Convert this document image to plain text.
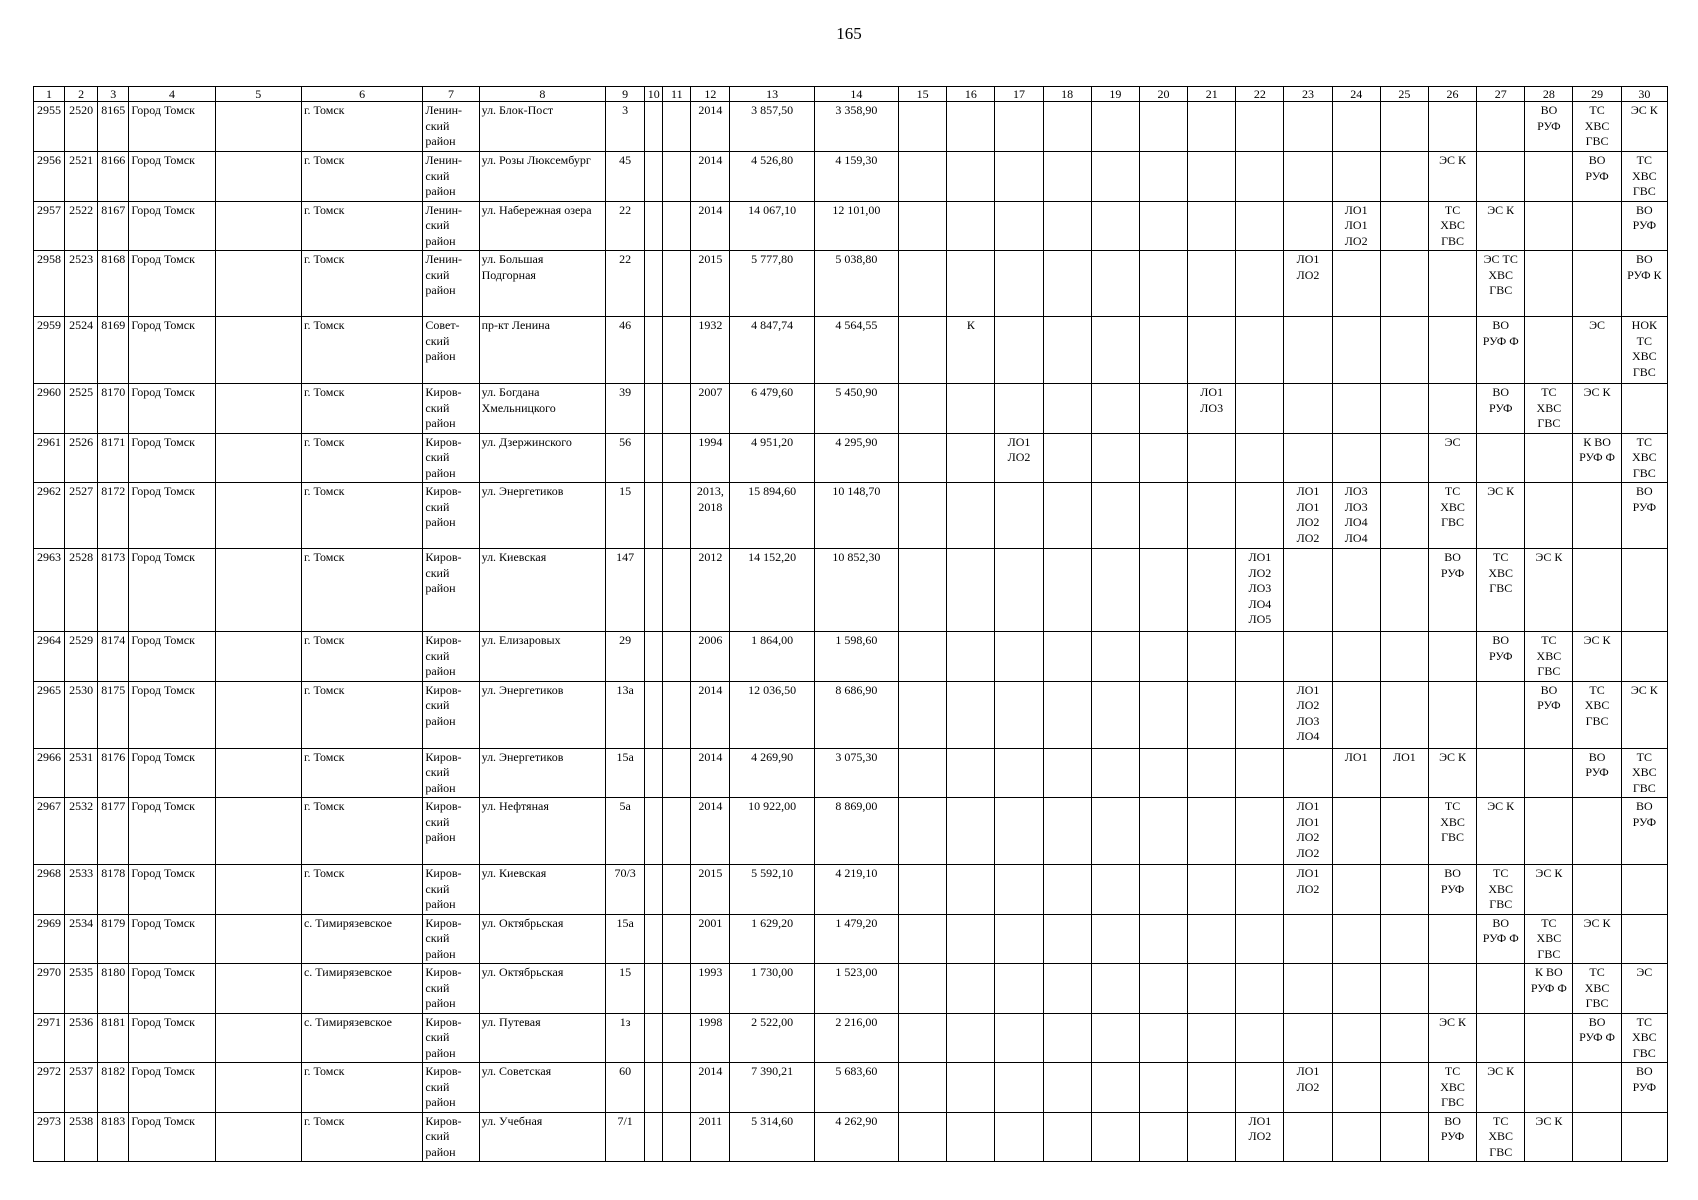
165
1	2	3	4	5	6	7	8	9	10	11	12	13	14	15	16	17	18	19	20	21	22	23	24	25	26	27	28	29	30

2955	2520	8165	Город Томск		г. Томск	Ленин-
ский
район	ул. Блок-Пост	3			2014	3 857,50	3 358,90														ВО
РУФ	ТС
ХВС
ГВС	ЭС К

2956	2521	8166	Город Томск		г. Томск	Ленин-
ский
район	ул. Розы Люксембург	45			2014	4 526,80	4 159,30												ЭС К			ВО
РУФ	ТС
ХВС
ГВС

2957	2522	8167	Город Томск		г. Томск	Ленин-
ский
район	ул. Набережная озера	22			2014	14 067,10	12 101,00										ЛО1
ЛО1
ЛО2		ТС
ХВС
ГВС	ЭС К			ВО
РУФ

2958	2523	8168	Город Томск		г. Томск	Ленин-
ский
район	ул. Большая
Подгорная	22			2015	5 777,80	5 038,80									ЛО1
ЛО2				ЭС ТС
ХВС
ГВС			ВО
РУФ К

2959	2524	8169	Город Томск		г. Томск	Совет-
ский
район	пр-кт Ленина	46			1932	4 847,74	4 564,55		К											ВО
РУФ Ф		ЭС	НОК
ТС
ХВС
ГВС

2960	2525	8170	Город Томск		г. Томск	Киров-
ский
район	ул. Богдана
Хмельницкого	39			2007	6 479,60	5 450,90							ЛО1
ЛО3						ВО
РУФ	ТС
ХВС
ГВС	ЭС К	

2961	2526	8171	Город Томск		г. Томск	Киров-
ский
район	ул. Дзержинского	56			1994	4 951,20	4 295,90			ЛО1
ЛО2									ЭС			К ВО
РУФ Ф	ТС
ХВС
ГВС

2962	2527	8172	Город Томск		г. Томск	Киров-
ский
район	ул. Энергетиков	15			2013,
2018	15 894,60	10 148,70									ЛО1
ЛО1
ЛО2
ЛО2	ЛО3
ЛО3
ЛО4
ЛО4		ТС
ХВС
ГВС	ЭС К			ВО
РУФ

2963	2528	8173	Город Томск		г. Томск	Киров-
ский
район	ул. Киевская	147			2012	14 152,20	10 852,30								ЛО1
ЛО2
ЛО3
ЛО4
ЛО5				ВО
РУФ	ТС
ХВС
ГВС	ЭС К		

2964	2529	8174	Город Томск		г. Томск	Киров-
ский
район	ул. Елизаровых	29			2006	1 864,00	1 598,60													ВО
РУФ	ТС
ХВС
ГВС	ЭС К	

2965	2530	8175	Город Томск		г. Томск	Киров-
ский
район	ул. Энергетиков	13а			2014	12 036,50	8 686,90									ЛО1
ЛО2
ЛО3
ЛО4					ВО
РУФ	ТС
ХВС
ГВС	ЭС К

2966	2531	8176	Город Томск		г. Томск	Киров-
ский
район	ул. Энергетиков	15а			2014	4 269,90	3 075,30										ЛО1	ЛО1	ЭС К			ВО
РУФ	ТС
ХВС
ГВС

2967	2532	8177	Город Томск		г. Томск	Киров-
ский
район	ул. Нефтяная	5а			2014	10 922,00	8 869,00									ЛО1
ЛО1
ЛО2
ЛО2			ТС
ХВС
ГВС	ЭС К			ВО
РУФ

2968	2533	8178	Город Томск		г. Томск	Киров-
ский
район	ул. Киевская	70/3			2015	5 592,10	4 219,10									ЛО1
ЛО2			ВО
РУФ	ТС
ХВС
ГВС	ЭС К		

2969	2534	8179	Город Томск		с. Тимирязевское	Киров-
ский
район	ул. Октябрьская	15а			2001	1 629,20	1 479,20													ВО
РУФ Ф	ТС
ХВС
ГВС	ЭС К	

2970	2535	8180	Город Томск		с. Тимирязевское	Киров-
ский
район	ул. Октябрьская	15			1993	1 730,00	1 523,00														К ВО
РУФ Ф	ТС
ХВС
ГВС	ЭС

2971	2536	8181	Город Томск		с. Тимирязевское	Киров-
ский
район	ул. Путевая	1з			1998	2 522,00	2 216,00												ЭС К			ВО
РУФ Ф	ТС
ХВС
ГВС

2972	2537	8182	Город Томск		г. Томск	Киров-
ский
район	ул. Советская	60			2014	7 390,21	5 683,60									ЛО1
ЛО2			ТС
ХВС
ГВС	ЭС К			ВО
РУФ

2973	2538	8183	Город Томск		г. Томск	Киров-
ский
район	ул. Учебная	7/1			2011	5 314,60	4 262,90								ЛО1
ЛО2				ВО
РУФ	ТС
ХВС
ГВС	ЭС К		
